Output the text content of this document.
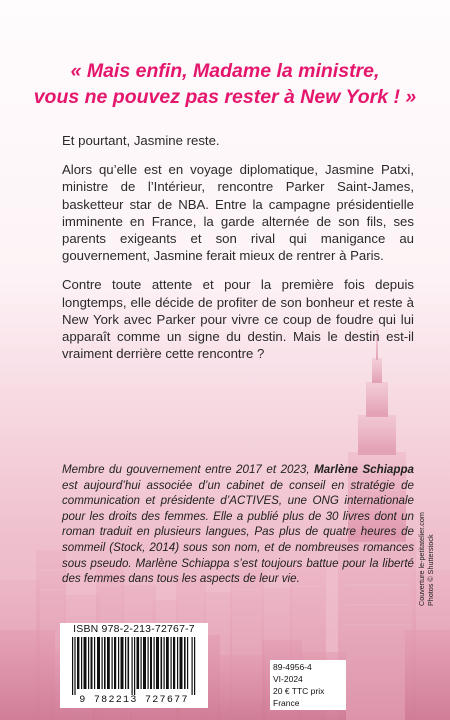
« Mais enfin, Madame la ministre,
vous ne pouvez pas rester à New York ! »

Et pourtant, Jasmine reste.

Alors qu’elle est en voyage diplomatique, Jasmine Patxi, ministre de l’Intérieur, rencontre Parker Saint-James, basketteur star de NBA. Entre la campagne présidentielle imminente en France, la garde alternée de son fils, ses parents exigeants et son rival qui manigance au gouvernement, Jasmine ferait mieux de rentrer à Paris.

Contre toute attente et pour la première fois depuis longtemps, elle décide de profiter de son bonheur et reste à New York avec Parker pour vivre ce coup de foudre qui lui apparaît comme un signe du destin. Mais le destin est-il vraiment derrière cette rencontre ?

Membre du gouvernement entre 2017 et 2023, Marlène Schiappa est aujourd’hui associée d’un cabinet de conseil en stratégie de communication et présidente d’ACTIVES, une ONG internationale pour les droits des femmes. Elle a publié plus de 30 livres dont un roman traduit en plusieurs langues, Pas plus de quatre heures de sommeil (Stock, 2014) sous son nom, et de nombreuses romances sous pseudo. Marlène Schiappa s’est toujours battue pour la liberté des femmes dans tous les aspects de leur vie.
ISBN 978-2-213-72767-7
9 782213 727677
89-4956-4
VI-2024
20 € TTC prix France
Couverture le-petitatelier.com Photos © Shutterstock
